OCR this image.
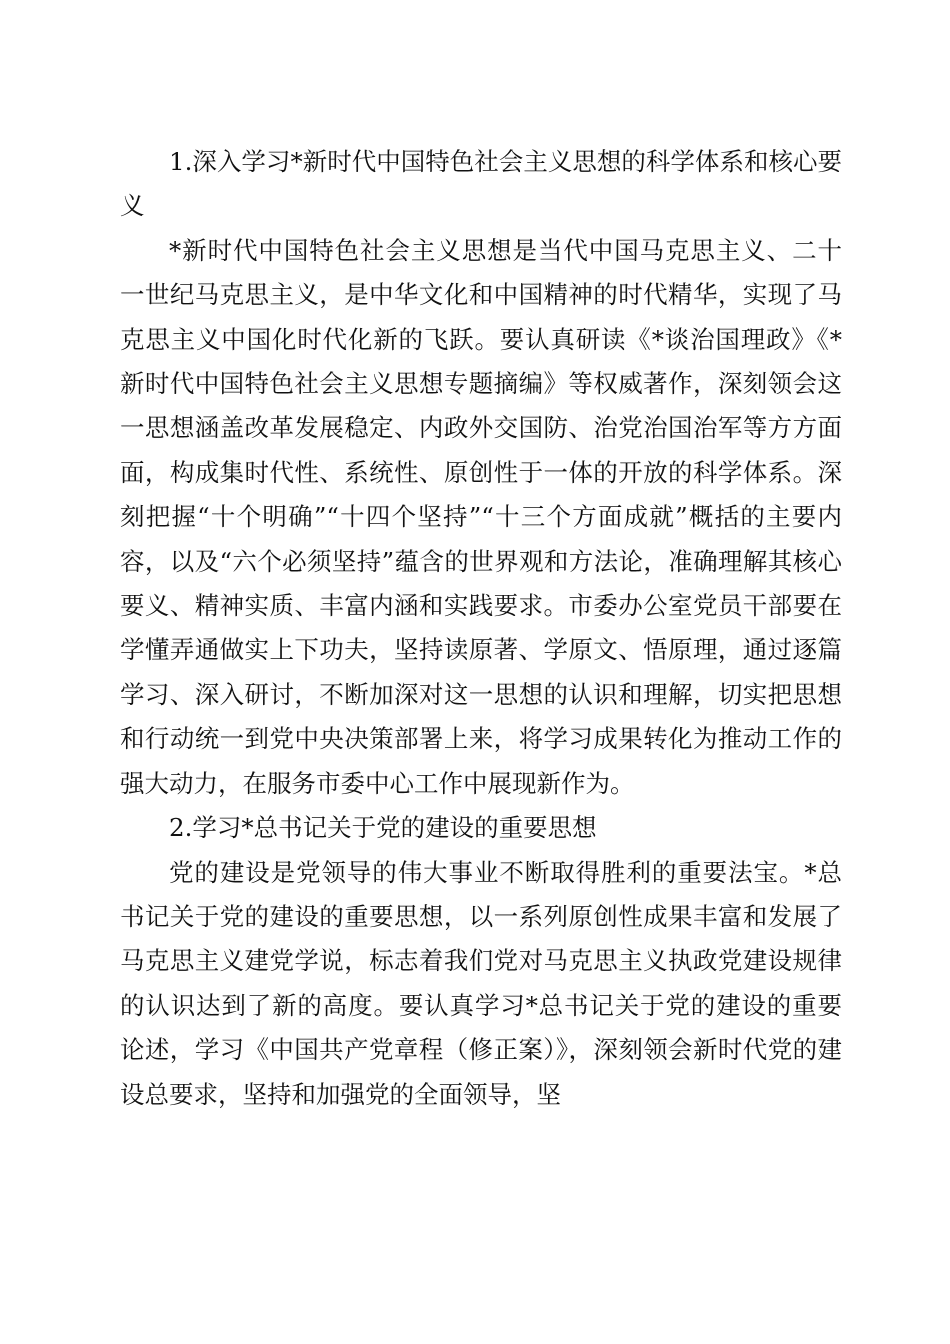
1.深入学习*新时代中国特色社会主义思想的科学体系和核心要义

*新时代中国特色社会主义思想是当代中国马克思主义、二十一世纪马克思主义，是中华文化和中国精神的时代精华，实现了马克思主义中国化时代化新的飞跃。要认真研读《*谈治国理政》《*新时代中国特色社会主义思想专题摘编》等权威著作，深刻领会这一思想涵盖改革发展稳定、内政外交国防、治党治国治军等方方面面，构成集时代性、系统性、原创性于一体的开放的科学体系。深刻把握“十个明确”“十四个坚持”“十三个方面成就”概括的主要内容，以及“六个必须坚持”蕴含的世界观和方法论，准确理解其核心要义、精神实质、丰富内涵和实践要求。市委办公室党员干部要在学懂弄通做实上下功夫，坚持读原著、学原文、悟原理，通过逐篇学习、深入研讨，不断加深对这一思想的认识和理解，切实把思想和行动统一到党中央决策部署上来，将学习成果转化为推动工作的强大动力，在服务市委中心工作中展现新作为。

2.学习*总书记关于党的建设的重要思想

党的建设是党领导的伟大事业不断取得胜利的重要法宝。*总书记关于党的建设的重要思想，以一系列原创性成果丰富和发展了马克思主义建党学说，标志着我们党对马克思主义执政党建设规律的认识达到了新的高度。要认真学习*总书记关于党的建设的重要论述，学习《中国共产党章程（修正案）》，深刻领会新时代党的建设总要求，坚持和加强党的全面领导，坚
